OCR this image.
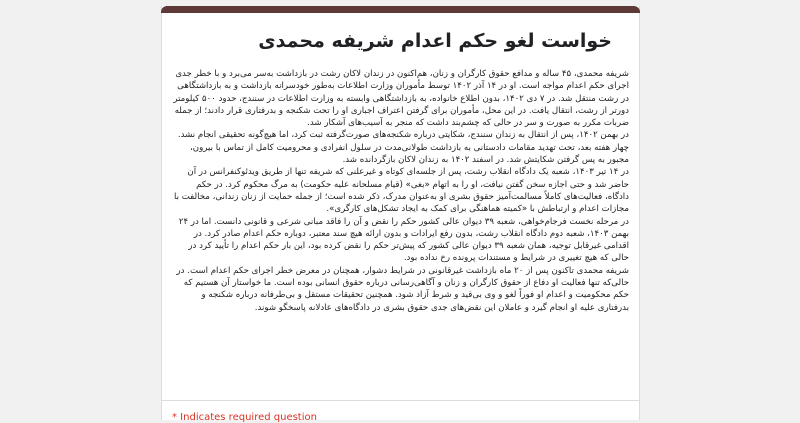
خواست لغو حکم اعدام شریفه محمدی

شریفه محمدی، ۴۵ ساله و مدافع حقوق کارگران و زنان، هم‌اکنون در زندان لاکان رشت در بازداشت به‌سر می‌برد و با خطر جدی اجرای حکم اعدام مواجه است. او در ۱۴ آذر ۱۴۰۲ توسط مأموران وزارت اطلاعات به‌طور خودسرانه بازداشت و به بازداشتگاهی در رشت منتقل شد. در ۷ دی ۱۴۰۲، بدون اطلاع خانواده، به بازداشتگاهی وابسته به وزارت اطلاعات در سنندج، حدود ۵۰۰ کیلومتر دورتر از رشت، انتقال یافت. در این محل، مأموران برای گرفتن اعتراف اجباری او را تحت شکنجه و بدرفتاری قرار دادند؛ از جمله ضربات مکرر به صورت و سر در حالی که چشم‌بند داشت که منجر به آسیب‌های آشکار شد.

در بهمن ۱۴۰۲، پس از انتقال به زندان سنندج، شکایتی درباره شکنجه‌های صورت‌گرفته ثبت کرد، اما هیچ‌گونه تحقیقی انجام نشد. چهار هفته بعد، تحت تهدید مقامات دادستانی به بازداشت طولانی‌مدت در سلول انفرادی و محرومیت کامل از تماس با بیرون، مجبور به پس گرفتن شکایتش شد. در اسفند ۱۴۰۲ به زندان لاکان بازگردانده شد.

در ۱۴ تیر ۱۴۰۳، شعبه یک دادگاه انقلاب رشت، پس از جلسه‌ای کوتاه و غیرعلنی که شریفه تنها از طریق ویدئوکنفرانس در آن حاضر شد و حتی اجازه سخن گفتن نیافت، او را به اتهام «بغی» (قیام مسلحانه علیه حکومت) به مرگ محکوم کرد. در حکم دادگاه، فعالیت‌های کاملاً مسالمت‌آمیز حقوق بشری او به‌عنوان مدرک، ذکر شده است؛ از جمله حمایت از زنان زندانی، مخالفت با مجازات اعدام و ارتباطش با «کمیته هماهنگی برای کمک به ایجاد تشکل‌های کارگری».

در مرحله نخست فرجام‌خواهی، شعبه ۳۹ دیوان عالی کشور حکم را نقض و آن را فاقد مبانی شرعی و قانونی دانست. اما در ۲۴ بهمن ۱۴۰۳، شعبه دوم دادگاه انقلاب رشت، بدون رفع ایرادات و بدون ارائه هیچ سند معتبر، دوباره حکم اعدام صادر کرد. در اقدامی غیرقابل توجیه، همان شعبه ۳۹ دیوان عالی کشور که پیش‌تر حکم را نقض کرده بود، این بار حکم اعدام را تأیید کرد در حالی که هیچ تغییری در شرایط و مستندات پرونده رخ نداده بود.

شریفه محمدی تا‌کنون پس از ۲۰ ماه بازداشت غیرقانونی در شرایط دشوار، همچنان در معرض خطر اجرای حکم اعدام است. در حالی‌که تنها فعالیت او دفاع از حقوق کارگران و زنان و آگاهی‌رسانی درباره حقوق انسانی بوده است. ما خواستار آن هستیم که حکم محکومیت و اعدام او فوراً لغو و وی بی‌قید و شرط آزاد شود. همچنین تحقیقات مستقل و بی‌طرفانه درباره شکنجه و بدرفتاری علیه او انجام گیرد و عاملان این نقض‌های جدی حقوق بشری در دادگاه‌های عادلانه پاسخگو شوند.

* Indicates required question
